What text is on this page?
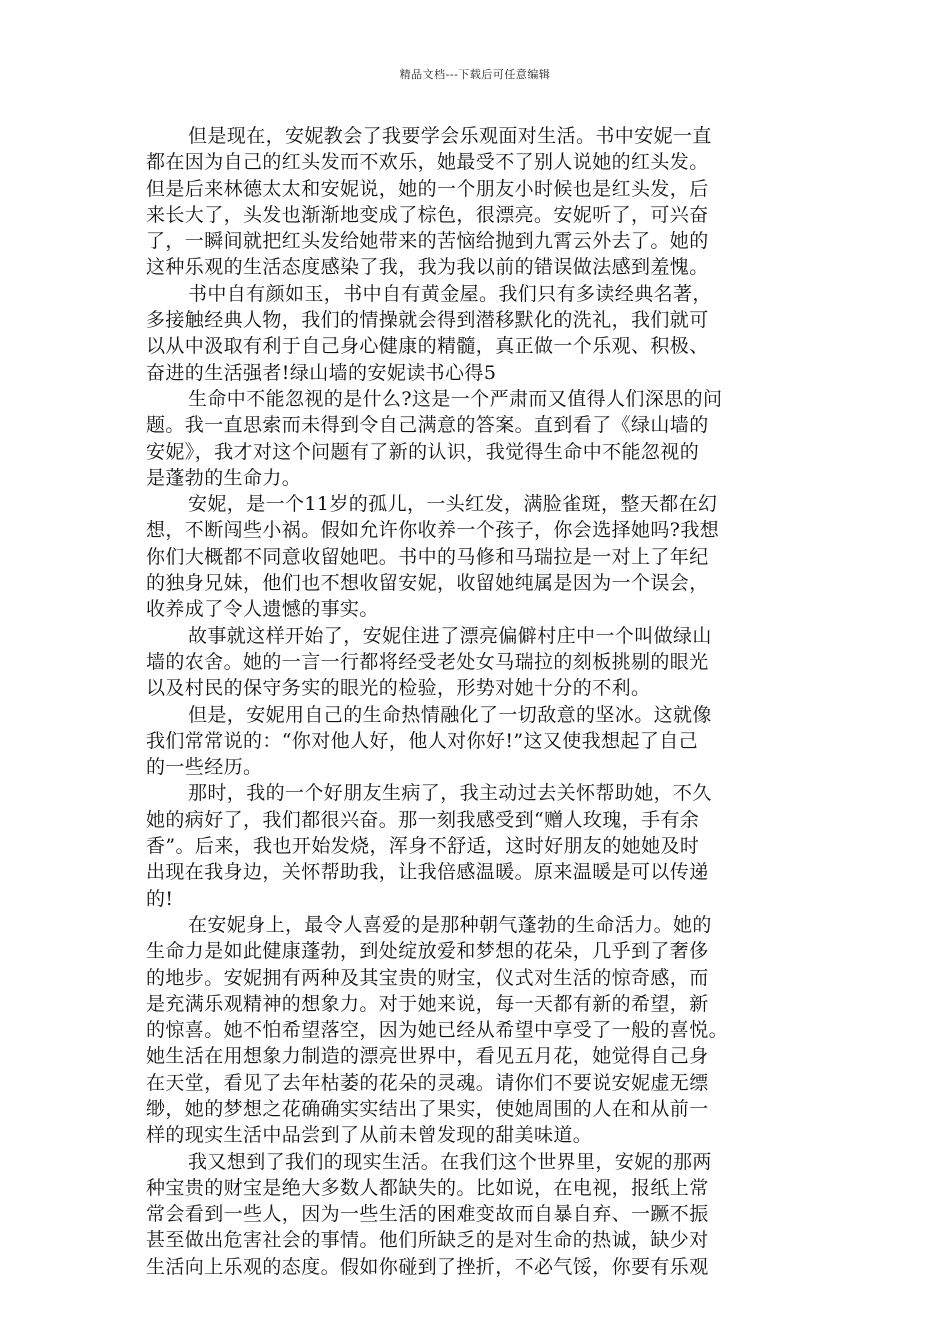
精品文档---下载后可任意编辑
但是现在，安妮教会了我要学会乐观面对生活。书中安妮一直
都在因为自己的红头发而不欢乐，她最受不了别人说她的红头发。
但是后来林德太太和安妮说，她的一个朋友小时候也是红头发，后
来长大了，头发也渐渐地变成了棕色，很漂亮。安妮听了，可兴奋
了，一瞬间就把红头发给她带来的苦恼给抛到九霄云外去了。她的
这种乐观的生活态度感染了我，我为我以前的错误做法感到羞愧。
书中自有颜如玉，书中自有黄金屋。我们只有多读经典名著，
多接触经典人物，我们的情操就会得到潜移默化的洗礼，我们就可
以从中汲取有利于自己身心健康的精髓，真正做一个乐观、积极、
奋进的生活强者!绿山墙的安妮读书心得5
生命中不能忽视的是什么?这是一个严肃而又值得人们深思的问
题。我一直思索而未得到令自己满意的答案。直到看了《绿山墙的
安妮》，我才对这个问题有了新的认识，我觉得生命中不能忽视的
是蓬勃的生命力。
安妮，是一个11岁的孤儿，一头红发，满脸雀斑，整天都在幻
想，不断闯些小祸。假如允许你收养一个孩子，你会选择她吗?我想
你们大概都不同意收留她吧。书中的马修和马瑞拉是一对上了年纪
的独身兄妹，他们也不想收留安妮，收留她纯属是因为一个误会，
收养成了令人遗憾的事实。
故事就这样开始了，安妮住进了漂亮偏僻村庄中一个叫做绿山
墙的农舍。她的一言一行都将经受老处女马瑞拉的刻板挑剔的眼光
以及村民的保守务实的眼光的检验，形势对她十分的不利。
但是，安妮用自己的生命热情融化了一切敌意的坚冰。这就像
我们常常说的：“你对他人好，他人对你好!”这又使我想起了自己
的一些经历。
那时，我的一个好朋友生病了，我主动过去关怀帮助她，不久
她的病好了，我们都很兴奋。那一刻我感受到“赠人玫瑰，手有余
香”。后来，我也开始发烧，浑身不舒适，这时好朋友的她她及时
出现在我身边，关怀帮助我，让我倍感温暖。原来温暖是可以传递
的!
在安妮身上，最令人喜爱的是那种朝气蓬勃的生命活力。她的
生命力是如此健康蓬勃，到处绽放爱和梦想的花朵，几乎到了奢侈
的地步。安妮拥有两种及其宝贵的财宝，仪式对生活的惊奇感，而
是充满乐观精神的想象力。对于她来说，每一天都有新的希望，新
的惊喜。她不怕希望落空，因为她已经从希望中享受了一般的喜悦。
她生活在用想象力制造的漂亮世界中，看见五月花，她觉得自己身
在天堂，看见了去年枯萎的花朵的灵魂。请你们不要说安妮虚无缥
缈，她的梦想之花确确实实结出了果实，使她周围的人在和从前一
样的现实生活中品尝到了从前未曾发现的甜美味道。
我又想到了我们的现实生活。在我们这个世界里，安妮的那两
种宝贵的财宝是绝大多数人都缺失的。比如说，在电视，报纸上常
常会看到一些人，因为一些生活的困难变故而自暴自弃、一蹶不振
甚至做出危害社会的事情。他们所缺乏的是对生命的热诚，缺少对
生活向上乐观的态度。假如你碰到了挫折，不必气馁，你要有乐观
